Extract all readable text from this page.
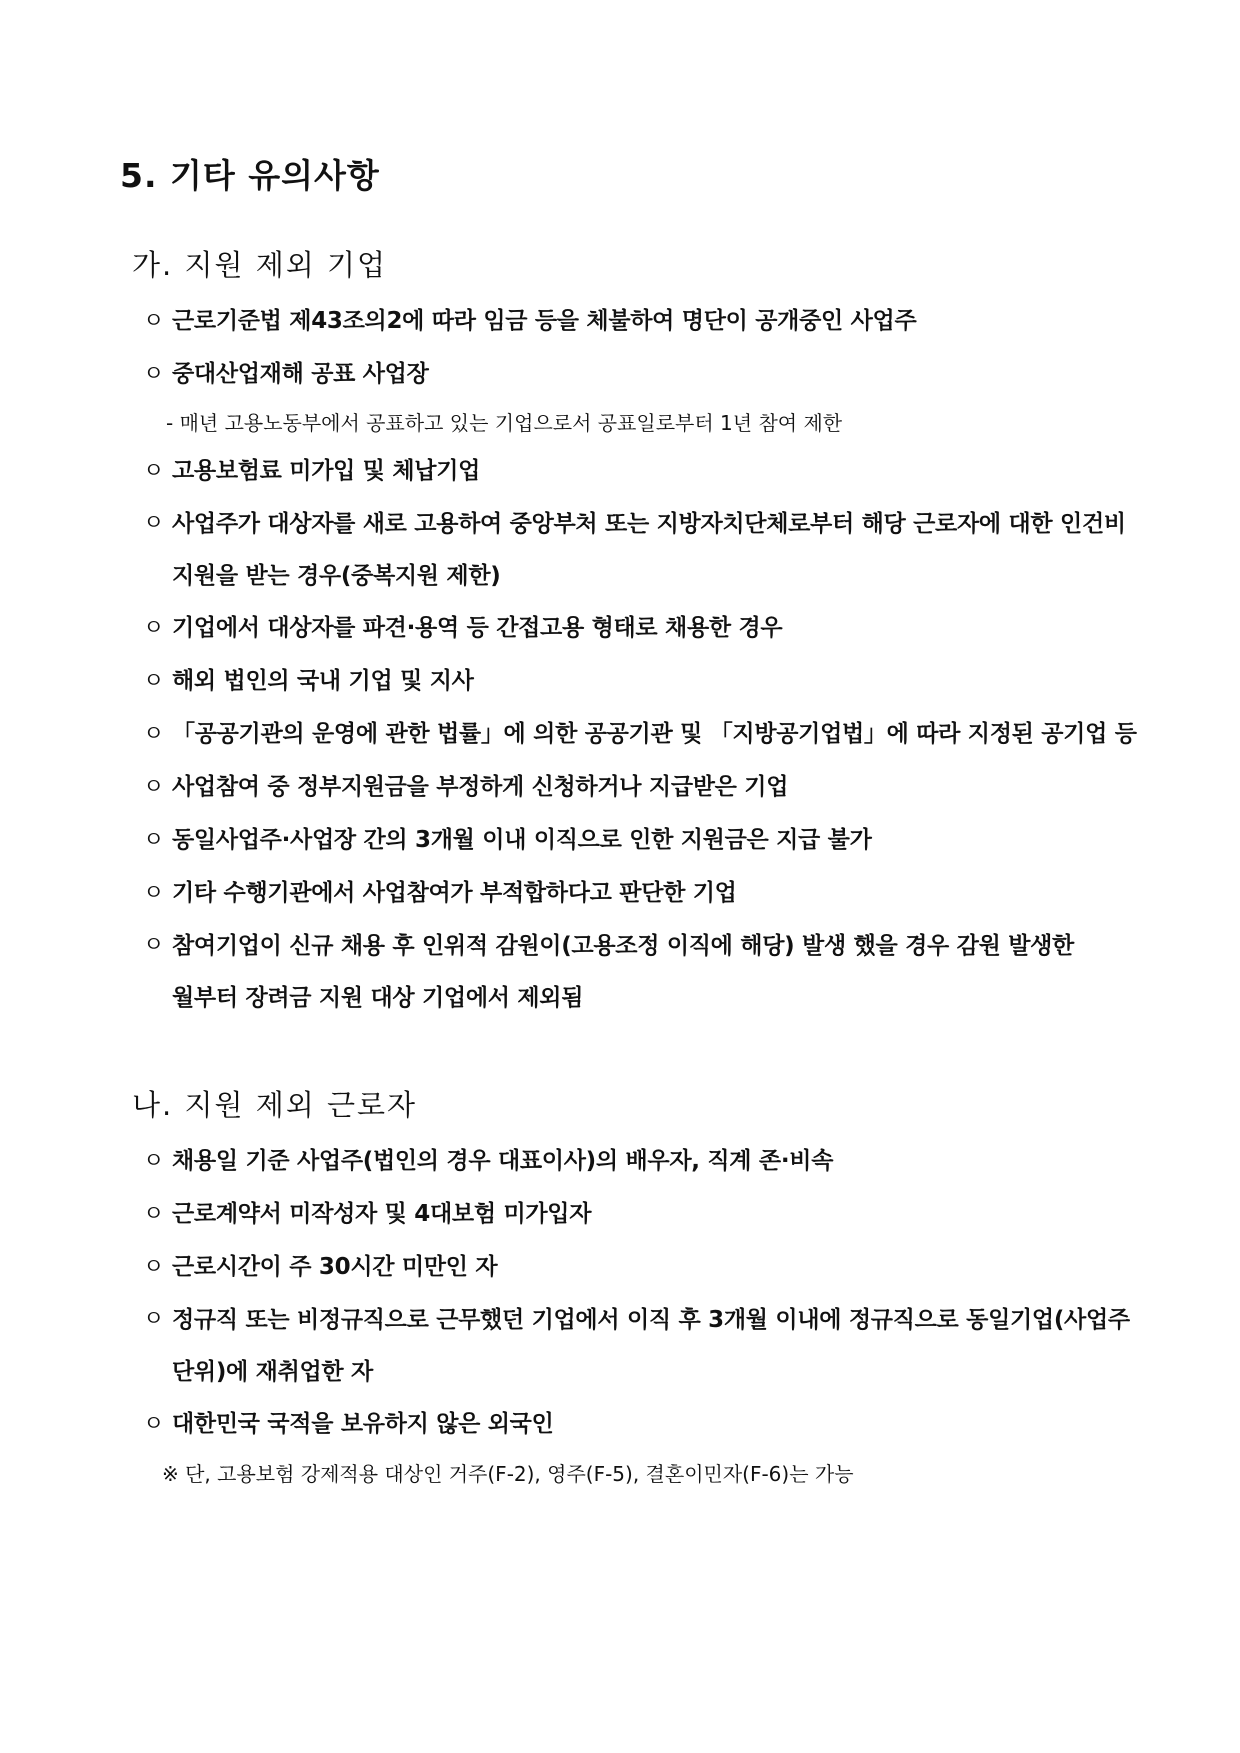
5. 기타 유의사항
가. 지원 제외 기업
ㅇ 근로기준법 제43조의2에 따라 임금 등을 체불하여 명단이 공개중인 사업주
ㅇ 중대산업재해 공표 사업장
- 매년 고용노동부에서 공표하고 있는 기업으로서 공표일로부터 1년 참여 제한
ㅇ 고용보험료 미가입 및 체납기업
ㅇ 사업주가 대상자를 새로 고용하여 중앙부처 또는 지방자치단체로부터 해당 근로자에 대한 인건비 지원을 받는 경우(중복지원 제한)
ㅇ 기업에서 대상자를 파견·용역 등 간접고용 형태로 채용한 경우
ㅇ 해외 법인의 국내 기업 및 지사
ㅇ 「공공기관의 운영에 관한 법률」에 의한 공공기관 및 「지방공기업법」에 따라 지정된 공기업 등
ㅇ 사업참여 중 정부지원금을 부정하게 신청하거나 지급받은 기업
ㅇ 동일사업주·사업장 간의 3개월 이내 이직으로 인한 지원금은 지급 불가
ㅇ 기타 수행기관에서 사업참여가 부적합하다고 판단한 기업
ㅇ 참여기업이 신규 채용 후 인위적 감원이(고용조정 이직에 해당) 발생 했을 경우 감원 발생한 월부터 장려금 지원 대상 기업에서 제외됨
나. 지원 제외 근로자
ㅇ 채용일 기준 사업주(법인의 경우 대표이사)의 배우자, 직계 존·비속
ㅇ 근로계약서 미작성자 및 4대보험 미가입자
ㅇ 근로시간이 주 30시간 미만인 자
ㅇ 정규직 또는 비정규직으로 근무했던 기업에서 이직 후 3개월 이내에 정규직으로 동일기업(사업주 단위)에 재취업한 자
ㅇ 대한민국 국적을 보유하지 않은 외국인
※ 단, 고용보험 강제적용 대상인 거주(F-2), 영주(F-5), 결혼이민자(F-6)는 가능
